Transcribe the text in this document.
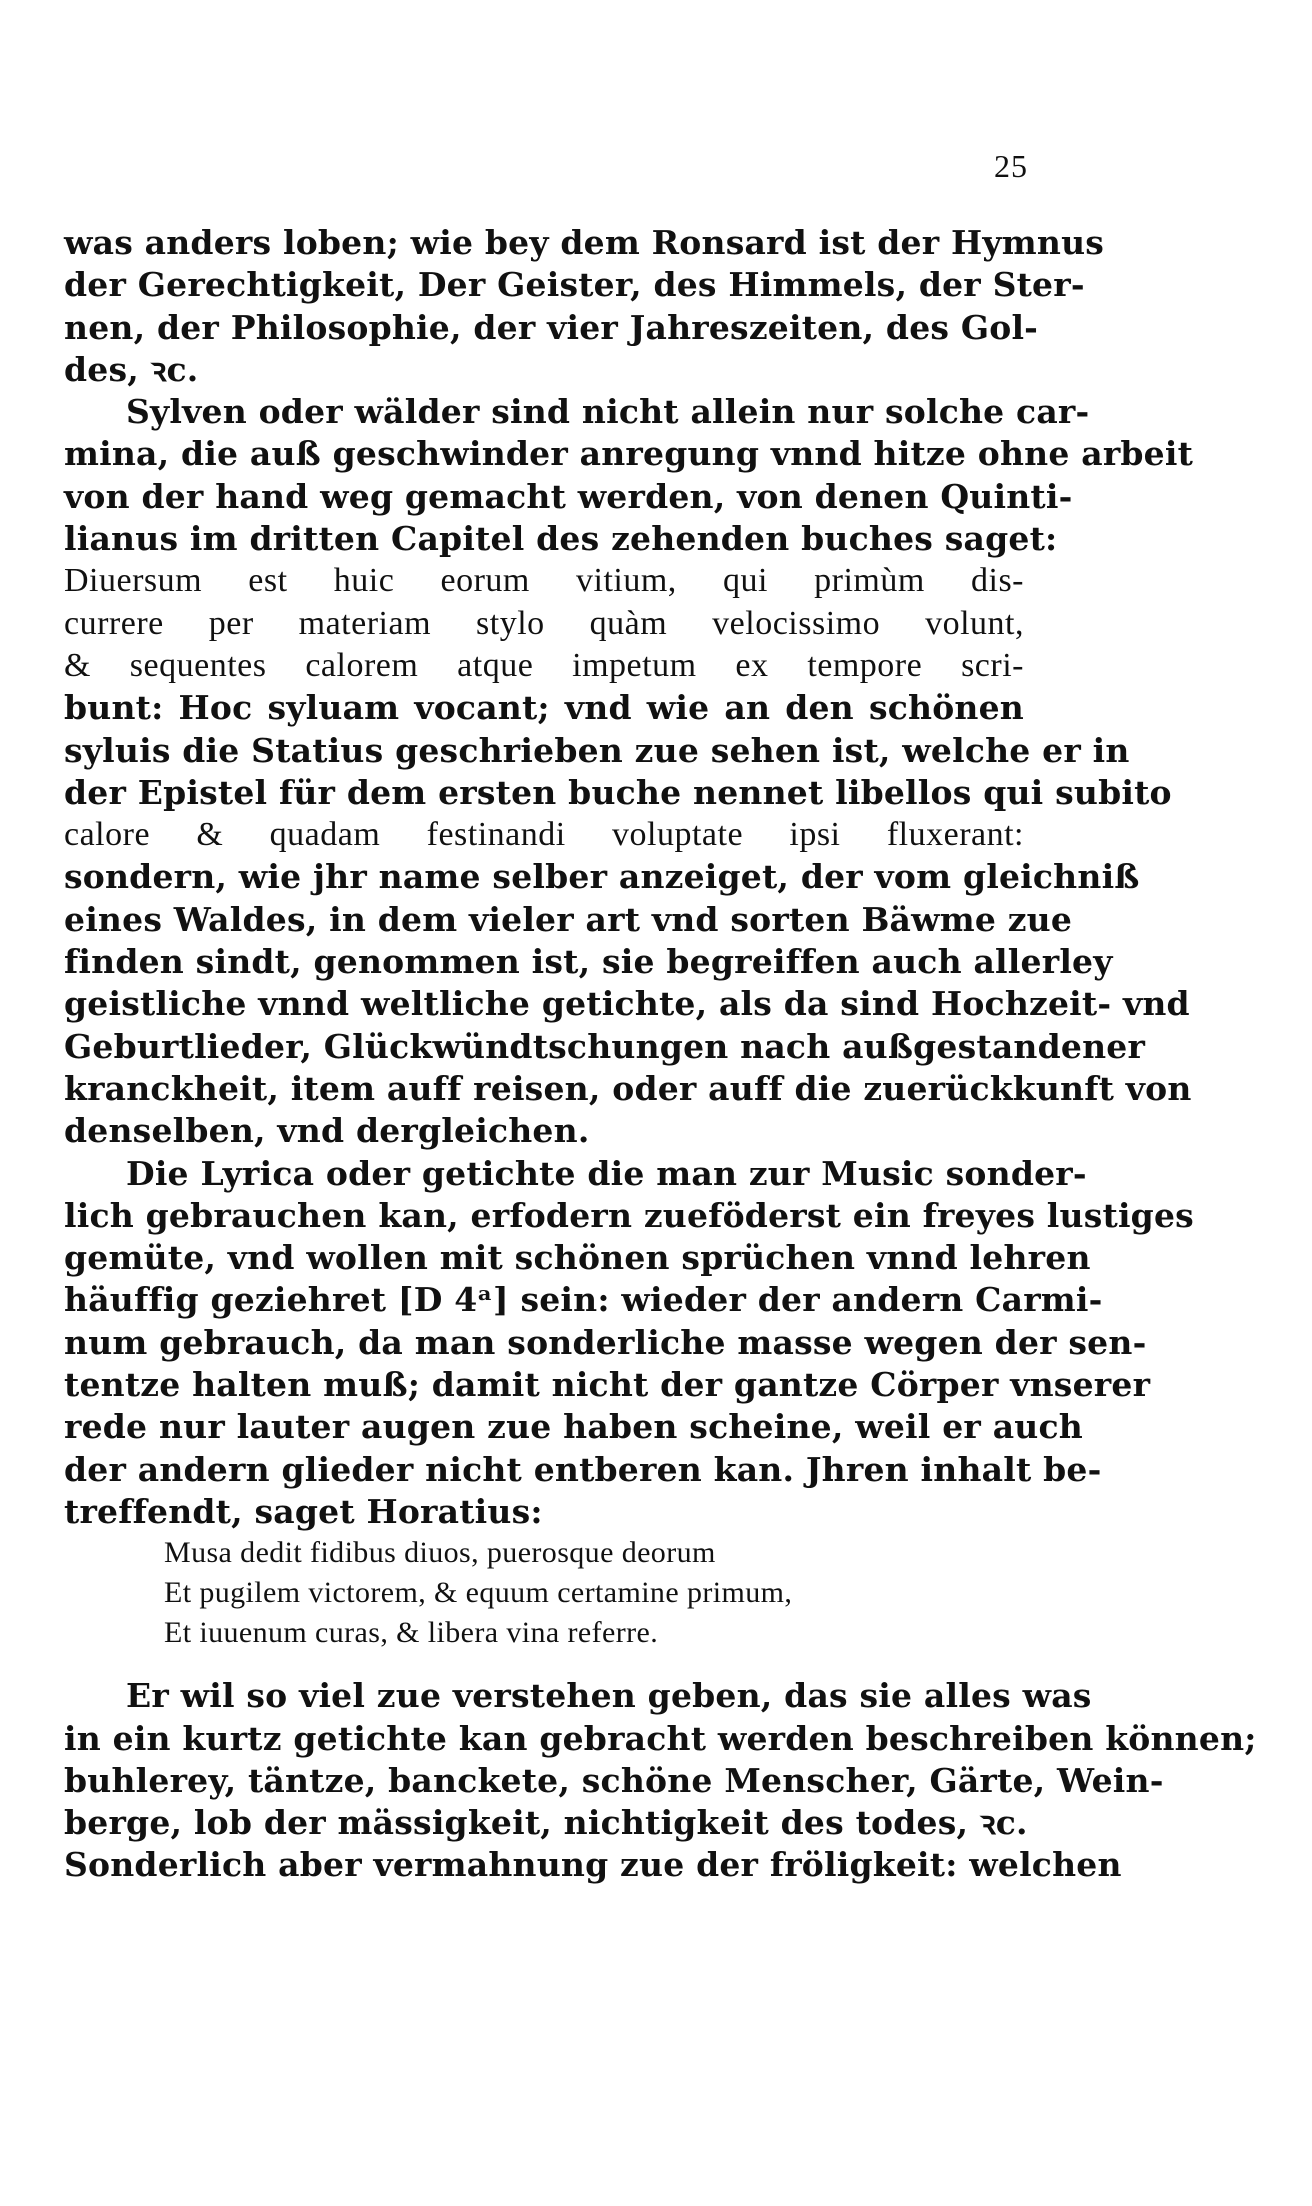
25
was anders loben; wie bey dem Ronsard ist der Hymnus
der Gerechtigkeit, Der Geister, des Himmels, der Ster-
nen, der Philosophie, der vier Jahreszeiten, des Gol-
des, ꝛc.
Sylven oder wälder sind nicht allein nur solche car-
mina, die auß geschwinder anregung vnnd hitze ohne arbeit
von der hand weg gemacht werden, von denen Quinti-
lianus im dritten Capitel des zehenden buches saget:
Diuersum est huic eorum vitium, qui primùm dis-
currere per materiam stylo quàm velocissimo volunt,
& sequentes calorem atque impetum ex tempore scri-
bunt: Hoc syluam vocant; vnd wie an den schönen
syluis die Statius geschrieben zue sehen ist, welche er in
der Epistel für dem ersten buche nennet libellos qui subito
calore & quadam festinandi voluptate ipsi fluxerant:
sondern, wie jhr name selber anzeiget, der vom gleichniß
eines Waldes, in dem vieler art vnd sorten Bäwme zue
finden sindt, genommen ist, sie begreiffen auch allerley
geistliche vnnd weltliche getichte, als da sind Hochzeit- vnd
Geburtlieder, Glückwündtschungen nach außgestandener
kranckheit, item auff reisen, oder auff die zuerückkunft von
denselben, vnd dergleichen.
Die Lyrica oder getichte die man zur Music sonder-
lich gebrauchen kan, erfodern zueföderst ein freyes lustiges
gemüte, vnd wollen mit schönen sprüchen vnnd lehren
häuffig geziehret [D 4ᵃ] sein: wieder der andern Carmi-
num gebrauch, da man sonderliche masse wegen der sen-
tentze halten muß; damit nicht der gantze Cörper vnserer
rede nur lauter augen zue haben scheine, weil er auch
der andern glieder nicht entberen kan. Jhren inhalt be-
treffendt, saget Horatius:
Musa dedit fidibus diuos, puerosque deorum
Et pugilem victorem, & equum certamine primum,
Et iuuenum curas, & libera vina referre.
Er wil so viel zue verstehen geben, das sie alles was
in ein kurtz getichte kan gebracht werden beschreiben können;
buhlerey, täntze, banckete, schöne Menscher, Gärte, Wein-
berge, lob der mässigkeit, nichtigkeit des todes, ꝛc.
Sonderlich aber vermahnung zue der fröligkeit: welchen
